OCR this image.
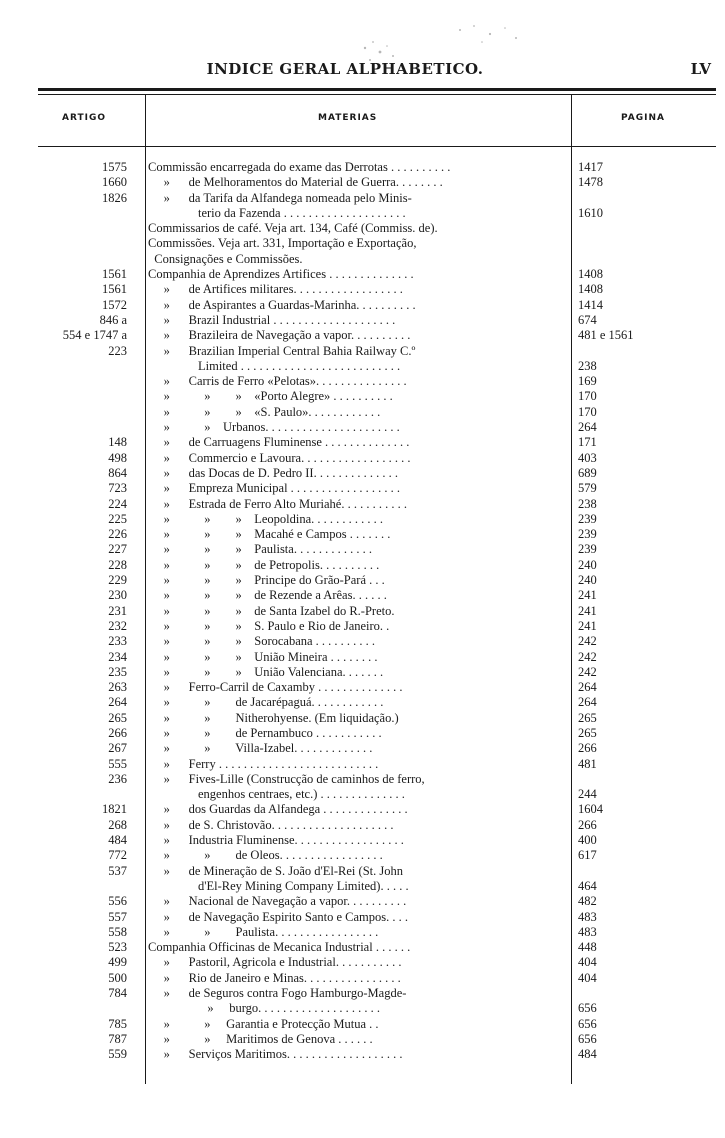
INDICE GERAL ALPHABETICO.	LV
ARTIGO	MATERIAS	PAGINA
1575 Commissão encarregada do exame das Derrotas . . . . . . . . . .	1417
1660 »      de Melhoramentos do Material de Guerra. . . . . . . .	1478
1826 »      da Tarifa da Alfandega nomeada pelo Minis-
terio da Fazenda . . . . . . . . . . . . . . . . . . . .	1610
Commissarios de café. Veja art. 134, Café (Commiss. de).
Commissões. Veja art. 331, Importação e Exportação,
Consignações e Commissões.
1561 Companhia de Aprendizes Artifices . . . . . . . . . . . . . .	1408
1561 »      de Artifices militares. . . . . . . . . . . . . . . . . .	1408
1572 »      de Aspirantes a Guardas-Marinha. . . . . . . . . .	1414
846 a »      Brazil Industrial . . . . . . . . . . . . . . . . . . . .	674
554 e 1747 a »      Brazileira de Navegação a vapor. . . . . . . . . .	481 e 1561
223 »      Brazilian Imperial Central Bahia Railway C.º
Limited . . . . . . . . . . . . . . . . . . . . . . . . . .	238
»      Carris de Ferro «Pelotas». . . . . . . . . . . . . . .	169
»           »        »    «Porto Alegre» . . . . . . . . . .	170
»           »        »    «S. Paulo». . . . . . . . . . . .	170
»           »    Urbanos. . . . . . . . . . . . . . . . . . . . . .	264
148 »      de Carruagens Fluminense . . . . . . . . . . . . . .	171
498 »      Commercio e Lavoura. . . . . . . . . . . . . . . . . .	403
864 »      das Docas de D. Pedro II. . . . . . . . . . . . . .	689
723 »      Empreza Municipal . . . . . . . . . . . . . . . . . .	579
224 »      Estrada de Ferro Alto Muriahé. . . . . . . . . . .	238
225 »           »        »    Leopoldina. . . . . . . . . . . .	239
226 »           »        »    Macahé e Campos . . . . . . .	239
227 »           »        »    Paulista. . . . . . . . . . . . .	239
228 »           »        »    de Petropolis. . . . . . . . . .	240
229 »           »        »    Principe do Grão-Pará . . .	240
230 »           »        »    de Rezende a Arêas. . . . . .	241
231 »           »        »    de Santa Izabel do R.-Preto.	241
232 »           »        »    S. Paulo e Rio de Janeiro. .	241
233 »           »        »    Sorocabana . . . . . . . . . .	242
234 »           »        »    União Mineira . . . . . . . .	242
235 »           »        »    União Valenciana. . . . . . .	242
263 »      Ferro-Carril de Caxamby . . . . . . . . . . . . . .	264
264 »           »        de Jacarépaguá. . . . . . . . . . . .	264
265 »           »        Nitherohyense. (Em liquidação.)	265
266 »           »        de Pernambuco . . . . . . . . . . .	265
267 »           »        Villa-Izabel. . . . . . . . . . . . .	266
555 »      Ferry . . . . . . . . . . . . . . . . . . . . . . . . . .	481
236 »      Fives-Lille (Construcção de caminhos de ferro,
engenhos centraes, etc.) . . . . . . . . . . . . . .	244
1821 »      dos Guardas da Alfandega . . . . . . . . . . . . . .	1604
268 »      de S. Christovão. . . . . . . . . . . . . . . . . . . .	266
484 »      Industria Fluminense. . . . . . . . . . . . . . . . . .	400
772 »           »        de Oleos. . . . . . . . . . . . . . . . .	617
537 »      de Mineração de S. João d'El-Rei (St. John
d'El-Rey Mining Company Limited). . . . .	464
556 »      Nacional de Navegação a vapor. . . . . . . . . .	482
557 »      de Navegação Espirito Santo e Campos. . . .	483
558 »           »        Paulista. . . . . . . . . . . . . . . . .	483
523 Companhia Officinas de Mecanica Industrial . . . . . .	448
499 »      Pastoril, Agricola e Industrial. . . . . . . . . . .	404
500 »      Rio de Janeiro e Minas. . . . . . . . . . . . . . . .	404
784 »      de Seguros contra Fogo Hamburgo-Magde-
»     burgo. . . . . . . . . . . . . . . . . . . .	656
785 »           »     Garantia e Protecção Mutua . .	656
787 »           »     Maritimos de Genova . . . . . .	656
559 »      Serviços Maritimos. . . . . . . . . . . . . . . . . . .	484
